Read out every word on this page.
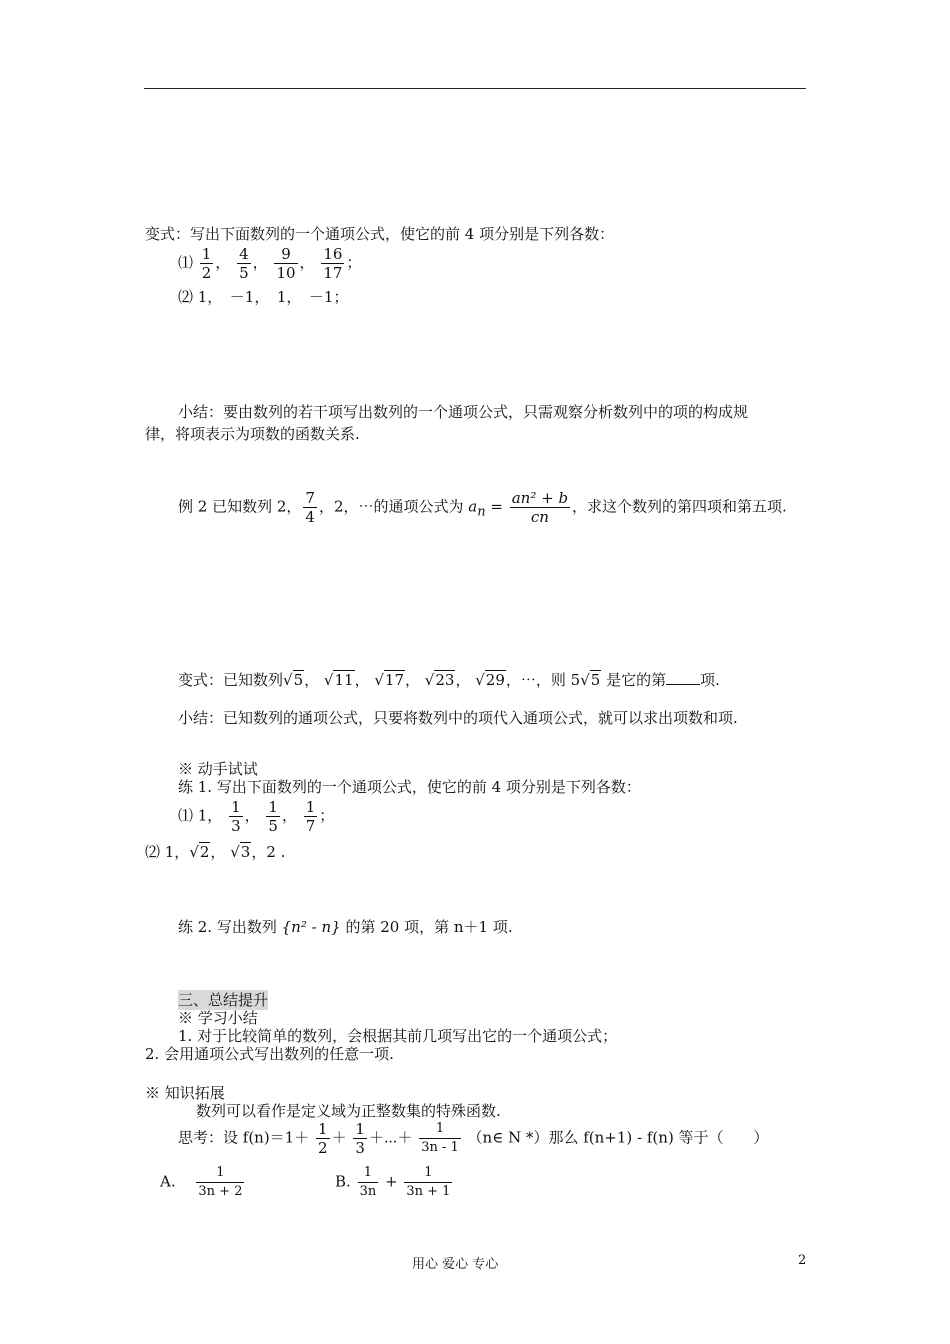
变式：写出下面数列的一个通项公式，使它的前 4 项分别是下列各数：
⑴ $\frac{1}{2}$ ， $\frac{4}{5}$ ， $\frac{9}{10}$ ， $\frac{16}{17}$ ；
⑵ 1，　－1，　1，　－1；
小结：要由数列的若干项写出数列的一个通项公式，只需观察分析数列中的项的构成规
律，将项表示为项数的函数关系.
例 2 已知数列 2， $\frac{7}{4}$ ，2，⋯的通项公式为 $a_n = \frac{\text{an² + b}}{cn}$ ，求这个数列的第四项和第五项.
变式：已知数列√5， √11， √17， √23， √29，⋯，则 5√5 是它的第 项.
小结：已知数列的通项公式，只要将数列中的项代入通项公式，就可以求出项数和项.
※ 动手试试
练 1. 写出下面数列的一个通项公式，使它的前 4 项分别是下列各数：
⑴ 1， $\frac{1}{3}$ ， $\frac{1}{5}$ ， $\frac{1}{7}$ ；
⑵ 1，√2， √3，2 .
练 2. 写出数列 {n² - n} 的第 20 项，第 n＋1 项.
三、总结提升
※ 学习小结
1. 对于比较简单的数列，会根据其前几项写出它的一个通项公式；
2. 会用通项公式写出数列的任意一项.
※ 知识拓展
数列可以看作是定义域为正整数集的特殊函数.
思考：设 $f(n)=1+ \frac{1}{2} + \frac{1}{3}$ ＋⋯＋ $\frac{1}{3n - 1}$ （n∈ N *）那么 f(n+1) - f(n) 等于（　　）
A. $\frac{1}{3n + 2}$	B. $\frac{1}{3n} + \frac{1}{3n + 1}$
用心 爱心 专心	2
